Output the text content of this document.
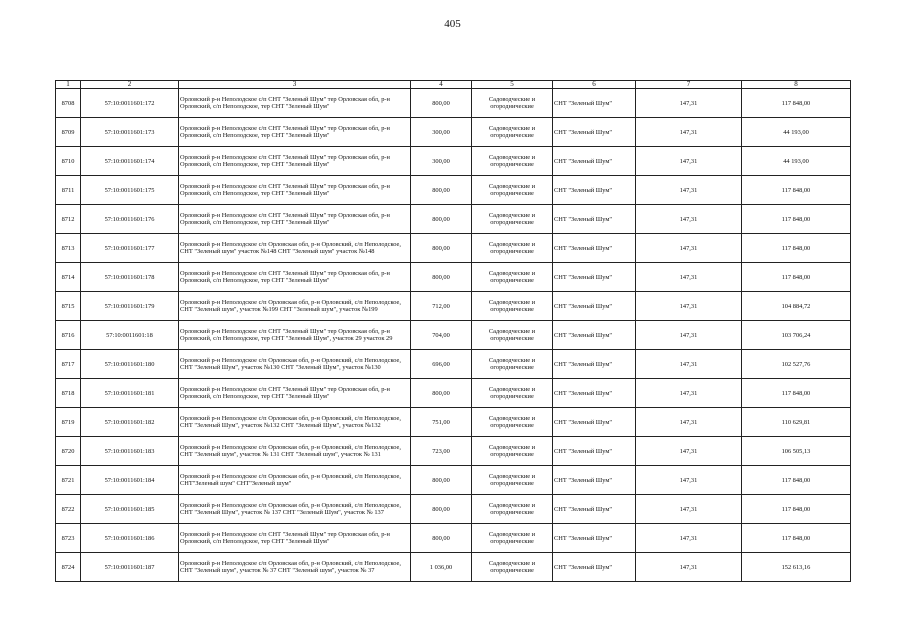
405
1	2	3	4	5	6	7	8
8708	57:10:0011601:172	Орловский р-н Неполодское с/п СНТ "Зеленый Шум" тер Орловская обл, р-н Орловский, с/п Неполодское, тер СНТ "Зеленый Шум"	800,00	Садоводческие и огороднические	СНТ "Зеленый Шум"	147,31	117 848,00
8709	57:10:0011601:173	Орловский р-н Неполодское с/п СНТ "Зеленый Шум" тер Орловская обл, р-н Орловский, с/п Неполодское, тер СНТ "Зеленый Шум"	300,00	Садоводческие и огороднические	СНТ "Зеленый Шум"	147,31	44 193,00
8710	57:10:0011601:174	Орловский р-н Неполодское с/п СНТ "Зеленый Шум" тер Орловская обл, р-н Орловский, с/п Неполодское, тер СНТ "Зеленый Шум"	300,00	Садоводческие и огороднические	СНТ "Зеленый Шум"	147,31	44 193,00
8711	57:10:0011601:175	Орловский р-н Неполодское с/п СНТ "Зеленый Шум" тер Орловская обл, р-н Орловский, с/п Неполодское, тер СНТ "Зеленый Шум"	800,00	Садоводческие и огороднические	СНТ "Зеленый Шум"	147,31	117 848,00
8712	57:10:0011601:176	Орловский р-н Неполодское с/п СНТ "Зеленый Шум" тер Орловская обл, р-н Орловский, с/п Неполодское, тер СНТ "Зеленый Шум"	800,00	Садоводческие и огороднические	СНТ "Зеленый Шум"	147,31	117 848,00
8713	57:10:0011601:177	Орловский р-н Неполодское с/п Орловская обл, р-н Орловский, с/п Неполодское, СНТ "Зеленый шум" участок №148 СНТ "Зеленый шум" участок №148	800,00	Садоводческие и огороднические	СНТ "Зеленый Шум"	147,31	117 848,00
8714	57:10:0011601:178	Орловский р-н Неполодское с/п СНТ "Зеленый Шум" тер Орловская обл, р-н Орловский, с/п Неполодское, тер СНТ "Зеленый Шум"	800,00	Садоводческие и огороднические	СНТ "Зеленый Шум"	147,31	117 848,00
8715	57:10:0011601:179	Орловский р-н Неполодское с/п Орловская обл, р-н Орловский, с/п Неполодское, СНТ "Зеленый шум", участок №199 СНТ "Зеленый шум", участок №199	712,00	Садоводческие и огороднические	СНТ "Зеленый Шум"	147,31	104 884,72
8716	57:10:0011601:18	Орловский р-н Неполодское с/п СНТ "Зеленый Шум" тер Орловская обл, р-н Орловский, с/п Неполодское, тер СНТ "Зеленый Шум", участок 29 участок 29	704,00	Садоводческие и огороднические	СНТ "Зеленый Шум"	147,31	103 706,24
8717	57:10:0011601:180	Орловский р-н Неполодское с/п Орловская обл, р-н Орловский, с/п Неполодское, СНТ "Зеленый Шум", участок №130 СНТ "Зеленый Шум", участок №130	696,00	Садоводческие и огороднические	СНТ "Зеленый Шум"	147,31	102 527,76
8718	57:10:0011601:181	Орловский р-н Неполодское с/п СНТ "Зеленый Шум" тер Орловская обл, р-н Орловский, с/п Неполодское, тер СНТ "Зеленый Шум"	800,00	Садоводческие и огороднические	СНТ "Зеленый Шум"	147,31	117 848,00
8719	57:10:0011601:182	Орловский р-н Неполодское с/п Орловская обл, р-н Орловский, с/п Неполодское, СНТ "Зеленый Шум", участок №132 СНТ "Зеленый Шум", участок №132	751,00	Садоводческие и огороднические	СНТ "Зеленый Шум"	147,31	110 629,81
8720	57:10:0011601:183	Орловский р-н Неполодское с/п Орловская обл, р-н Орловский, с/п Неполодское, СНТ "Зеленый шум", участок № 131 СНТ "Зеленый шум", участок № 131	723,00	Садоводческие и огороднические	СНТ "Зеленый Шум"	147,31	106 505,13
8721	57:10:0011601:184	Орловский р-н Неполодское с/п Орловская обл, р-н Орловский, с/п Неполодское, СНТ"Зеленый шум" СНТ"Зеленый шум"	800,00	Садоводческие и огороднические	СНТ "Зеленый Шум"	147,31	117 848,00
8722	57:10:0011601:185	Орловский р-н Неполодское с/п Орловская обл, р-н Орловский, с/п Неполодское, СНТ "Зеленый Шум", участок № 137 СНТ "Зеленый Шум", участок № 137	800,00	Садоводческие и огороднические	СНТ "Зеленый Шум"	147,31	117 848,00
8723	57:10:0011601:186	Орловский р-н Неполодское с/п СНТ "Зеленый Шум" тер Орловская обл, р-н Орловский, с/п Неполодское, тер СНТ "Зеленый Шум"	800,00	Садоводческие и огороднические	СНТ "Зеленый Шум"	147,31	117 848,00
8724	57:10:0011601:187	Орловский р-н Неполодское с/п Орловская обл, р-н Орловский, с/п Неполодское, СНТ "Зеленый шум", участок № 37 СНТ "Зеленый шум", участок № 37	1 036,00	Садоводческие и огороднические	СНТ "Зеленый Шум"	147,31	152 613,16
